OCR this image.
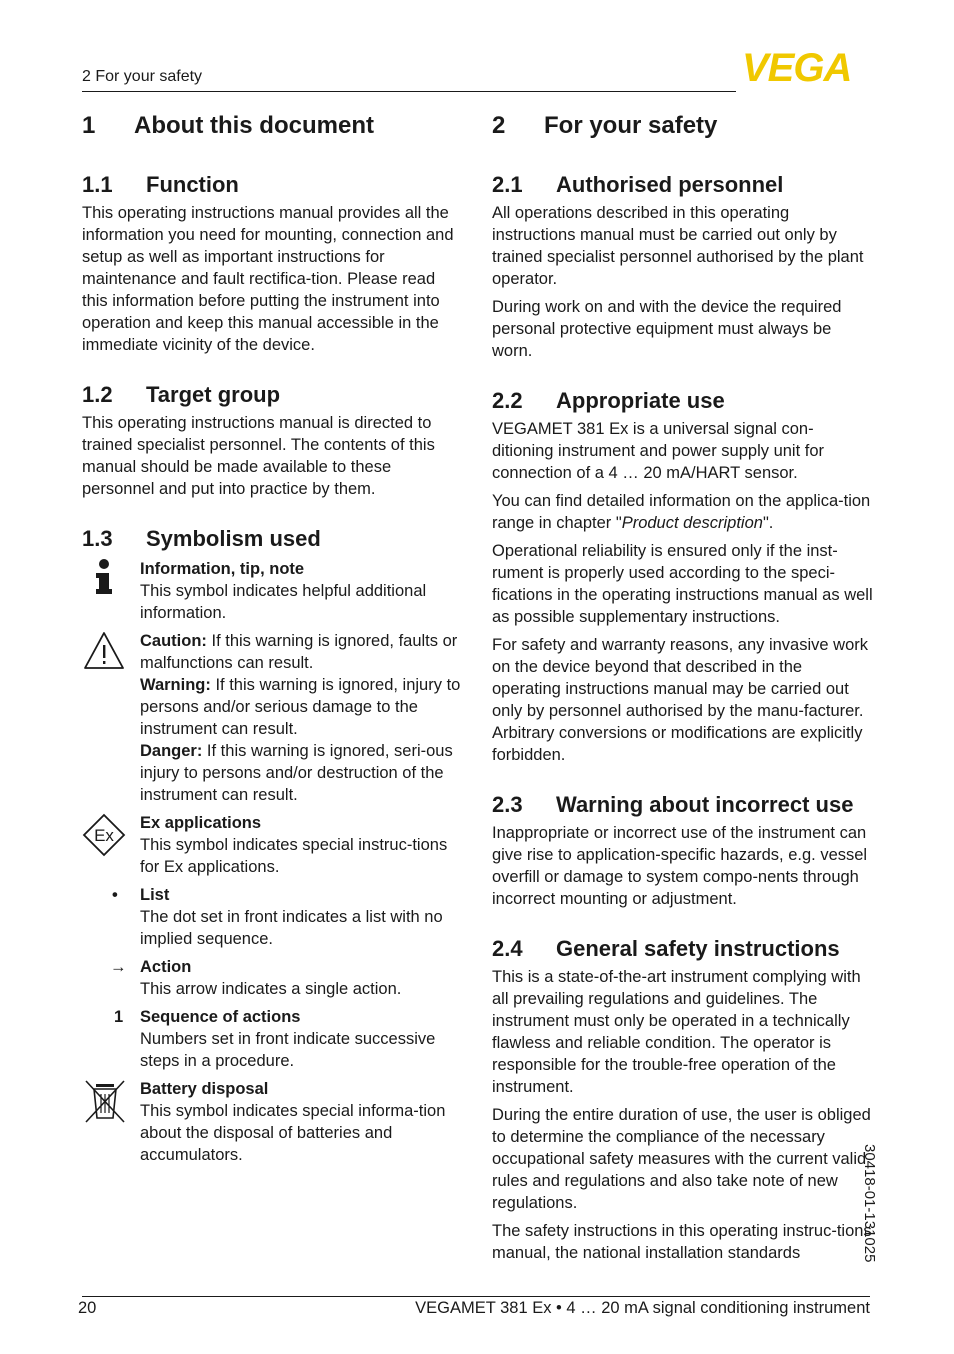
2 For your safety	VEGA
1	About this document
1.1	Function

This operating instructions manual provides all the information you need for mounting, connection and setup as well as important instructions for maintenance and fault rectifica-tion. Please read this information before putting the instrument into operation and keep this manual accessible in the immediate vicinity of the device.

1.2	Target group

This operating instructions manual is directed to trained specialist personnel. The contents of this manual should be made available to these personnel and put into practice by them.

1.3	Symbolism used

Information, tip, note

This symbol indicates helpful additional information.

Caution: If this warning is ignored, faults or malfunctions can result.

Warning: If this warning is ignored, injury to persons and/or serious damage to the instrument can result.

Danger: If this warning is ignored, seri-ous injury to persons and/or destruction of the instrument can result.

Ex

Ex applications

This symbol indicates special instruc-tions for Ex applications.

• List

The dot set in front indicates a list with no implied sequence.

→ Action

This arrow indicates a single action.

1 Sequence of actions

Numbers set in front indicate successive steps in a procedure.

Battery disposal

This symbol indicates special informa-tion about the disposal of batteries and accumulators.

2	For your safety
2.1	Authorised personnel

All operations described in this operating instructions manual must be carried out only by trained specialist personnel authorised by the plant operator.

During work on and with the device the required personal protective equipment must always be worn.

2.2	Appropriate use

VEGAMET 381 Ex is a universal signal con-ditioning instrument and power supply unit for connection of a 4 … 20 mA/HART sensor.

You can find detailed information on the applica-tion range in chapter "Product description".

Operational reliability is ensured only if the inst-rument is properly used according to the speci-fications in the operating instructions manual as well as possible supplementary instructions.

For safety and warranty reasons, any invasive work on the device beyond that described in the operating instructions manual may be carried out only by personnel authorised by the manu-facturer. Arbitrary conversions or modifications are explicitly forbidden.

2.3	Warning about incorrect use

Inappropriate or incorrect use of the instrument can give rise to application-specific hazards, e.g. vessel overfill or damage to system compo-nents through incorrect mounting or adjustment.

2.4	General safety instructions

This is a state-of-the-art instrument complying with all prevailing regulations and guidelines. The instrument must only be operated in a technically flawless and reliable condition. The operator is responsible for the trouble-free operation of the instrument.

During the entire duration of use, the user is obliged to determine the compliance of the necessary occupational safety measures with the current valid rules and regulations and also take note of new regulations.

The safety instructions in this operating instruc-tions manual, the national installation standards	30418-01-131025
20	VEGAMET 381 Ex • 4 … 20 mA signal conditioning instrument
